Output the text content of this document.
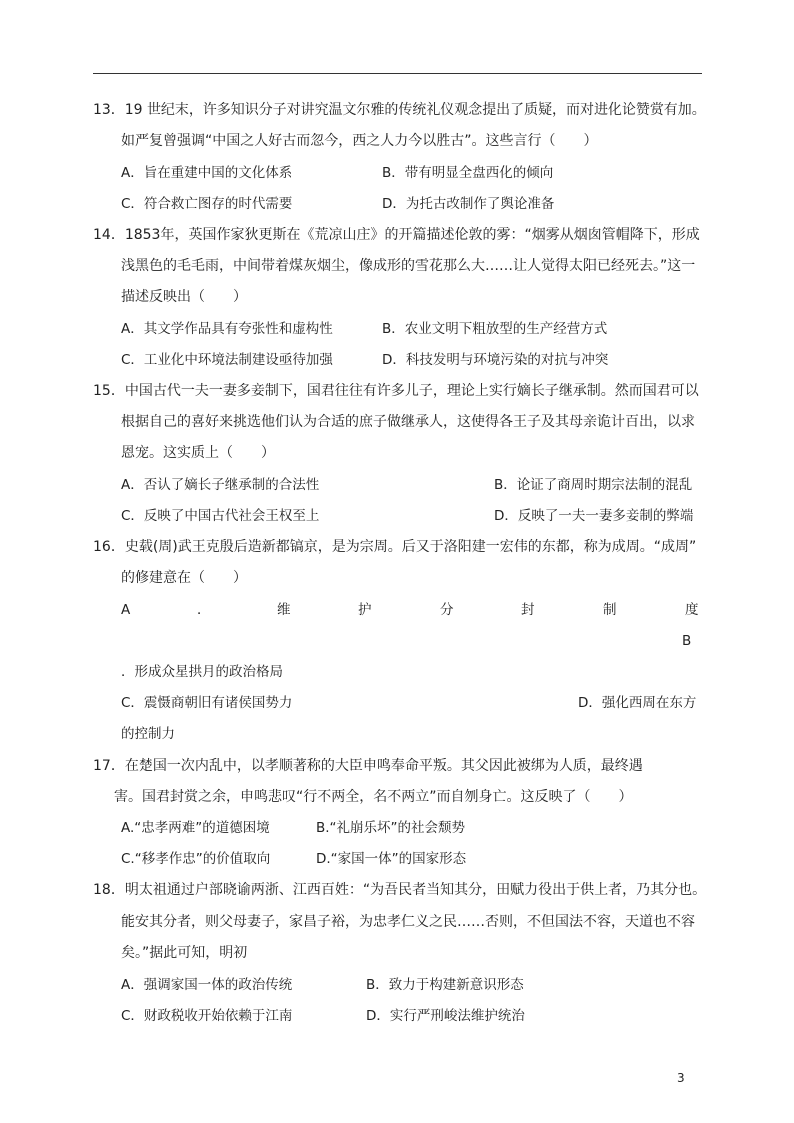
13．19 世纪末，许多知识分子对讲究温文尔雅的传统礼仪观念提出了质疑，而对进化论赞赏有加。
如严复曾强调“中国之人好古而忽今，西之人力今以胜古”。这些言行（　　）
A．旨在重建中国的文化体系	B．带有明显全盘西化的倾向
C．符合救亡图存的时代需要	D．为托古改制作了舆论准备
14．1853年，英国作家狄更斯在《荒凉山庄》的开篇描述伦敦的雾：“烟雾从烟囱管帽降下，形成
浅黑色的毛毛雨，中间带着煤灰烟尘，像成形的雪花那么大……让人觉得太阳已经死去。”这一
描述反映出（　　）
A．其文学作品具有夸张性和虚构性	B．农业文明下粗放型的生产经营方式
C．工业化中环境法制建设亟待加强	D．科技发明与环境污染的对抗与冲突
15．中国古代一夫一妻多妾制下，国君往往有许多儿子，理论上实行嫡长子继承制。然而国君可以
根据自己的喜好来挑选他们认为合适的庶子做继承人，这使得各王子及其母亲诡计百出，以求
恩宠。这实质上（　　）
A．否认了嫡长子继承制的合法性	B．论证了商周时期宗法制的混乱
C．反映了中国古代社会王权至上	D．反映了一夫一妻多妾制的弊端
16．史载(周)武王克殷后造新都镐京，是为宗周。后又于洛阳建一宏伟的东都，称为成周。“成周”
的修建意在（　　）
A	．	维	护	分	封	制	度
B
．形成众星拱月的政治格局
C．震慑商朝旧有诸侯国势力	D．强化西周在东方
的控制力
17．在楚国一次内乱中，以孝顺著称的大臣申鸣奉命平叛。其父因此被绑为人质，最终遇
害。国君封赏之余，申鸣悲叹“行不两全，名不两立”而自刎身亡。这反映了（　　）
A.“忠孝两难”的道德困境	B.“礼崩乐坏”的社会颓势
C.“移孝作忠”的价值取向	D.“家国一体”的国家形态
18．明太祖通过户部晓谕两浙、江西百姓：“为吾民者当知其分，田赋力役出于供上者，乃其分也。
能安其分者，则父母妻子，家昌子裕，为忠孝仁义之民……否则，不但国法不容，天道也不容
矣。”据此可知，明初
A．强调家国一体的政治传统	B．致力于构建新意识形态
C．财政税收开始依赖于江南	D．实行严刑峻法维护统治
3
